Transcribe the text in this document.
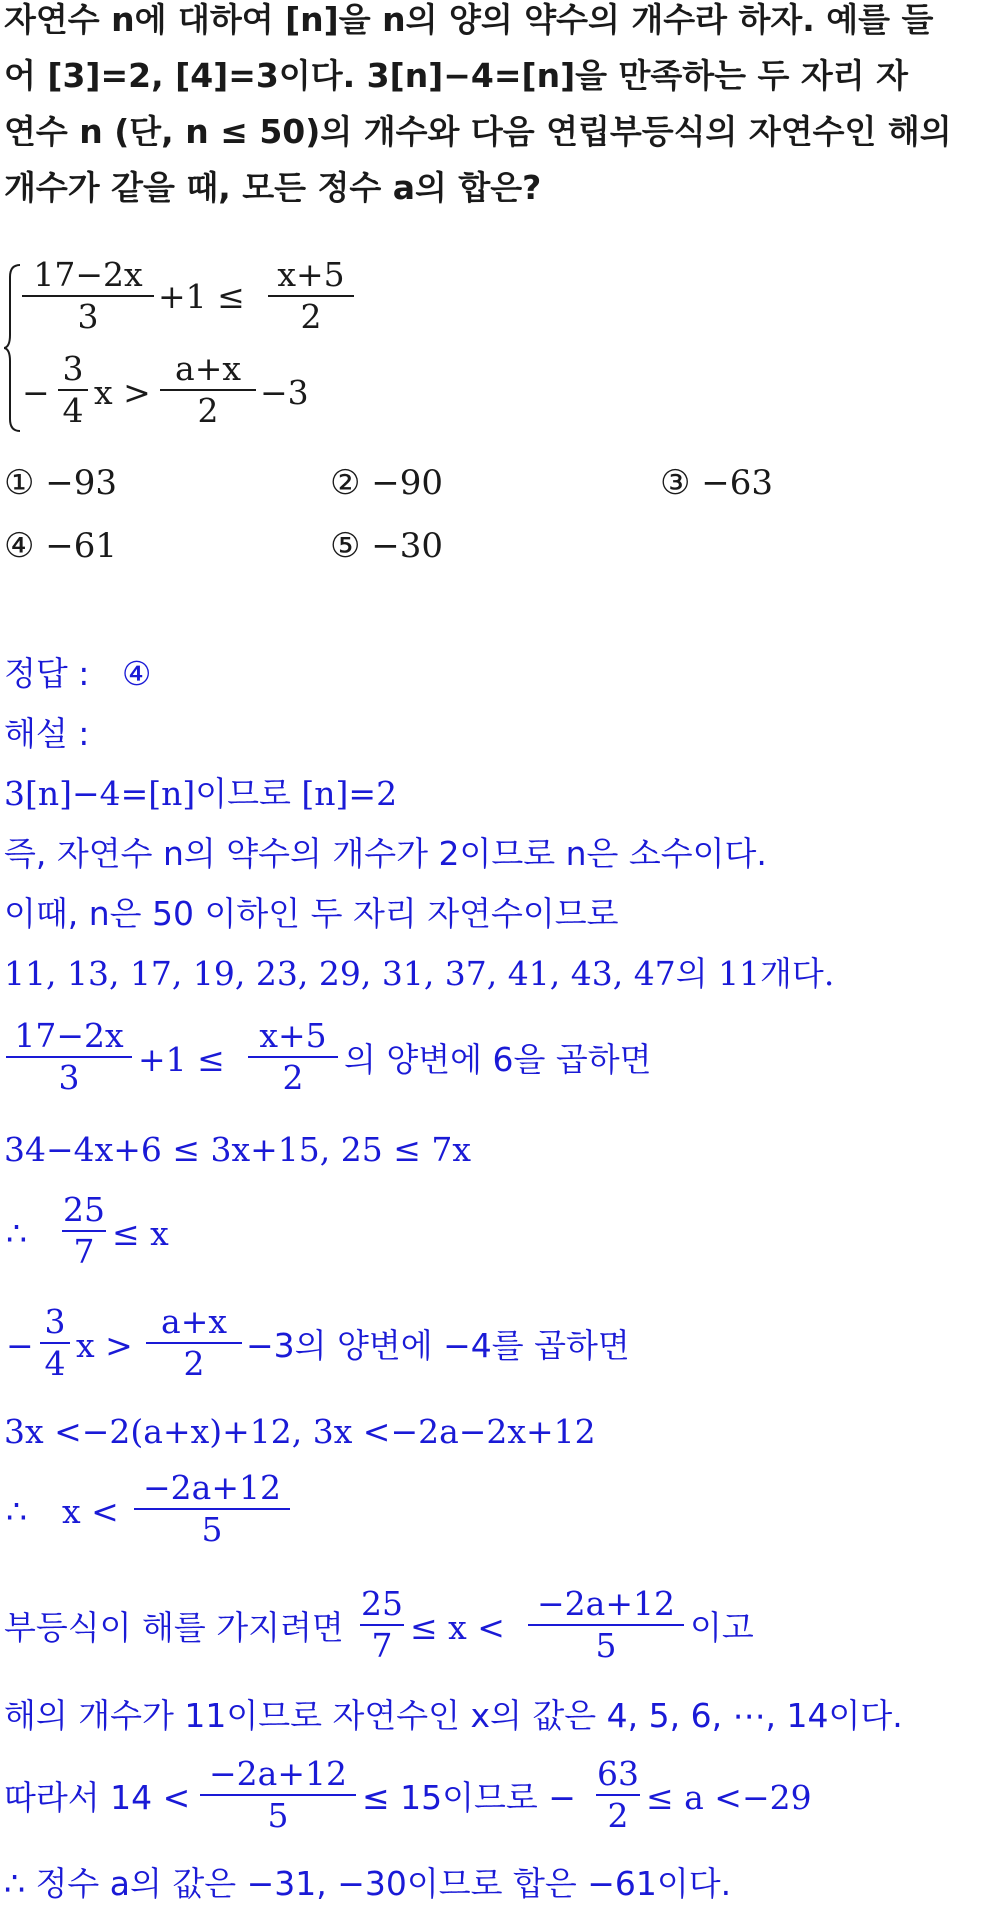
자연수 n에 대하여 [n]을 n의 양의 약수의 개수라 하자. 예를 들
어 [3]=2, [4]=3이다. 3[n]−4=[n]을 만족하는 두 자리 자
연수 n (단, n ≤ 50)의 개수와 다음 연립부등식의 자연수인 해의
개수가 같을 때, 모든 정수 a의 합은?
17−2x
3
+1 ≤
x+5
2
−
3
4 x >
a+x
2	−3
① −93	② −90	③ −63
④ −61	⑤ −30
정답 : ④
해설 :
3[n]−4=[n]이므로 [n]=2
즉, 자연수 n의 약수의 개수가 2이므로 n은 소수이다.
이때, n은 50 이하인 두 자리 자연수이므로
11, 13, 17, 19, 23, 29, 31, 37, 41, 43, 47의 11개다.
17−2x
3	+1 ≤
x+5
2	의 양변에 6을 곱하면
34−4x+6 ≤ 3x+15, 25 ≤ 7x
∴
25
7 ≤ x
−
3
4 x >
a+x
2	−3의 양변에 −4를 곱하면
3x <−2(a+x)+12, 3x <−2a−2x+12
∴ x <
−2a+12
5
부등식이 해를 가지려면
25
7 ≤ x <
−2a+12
5	이고
해의 개수가 11이므로 자연수인 x의 값은 4, 5, 6, ⋯, 14이다.
따라서 14 <
−2a+12
5	≤ 15이므로 −
63
2 ≤ a <−29
∴ 정수 a의 값은 −31, −30이므로 합은 −61이다.
